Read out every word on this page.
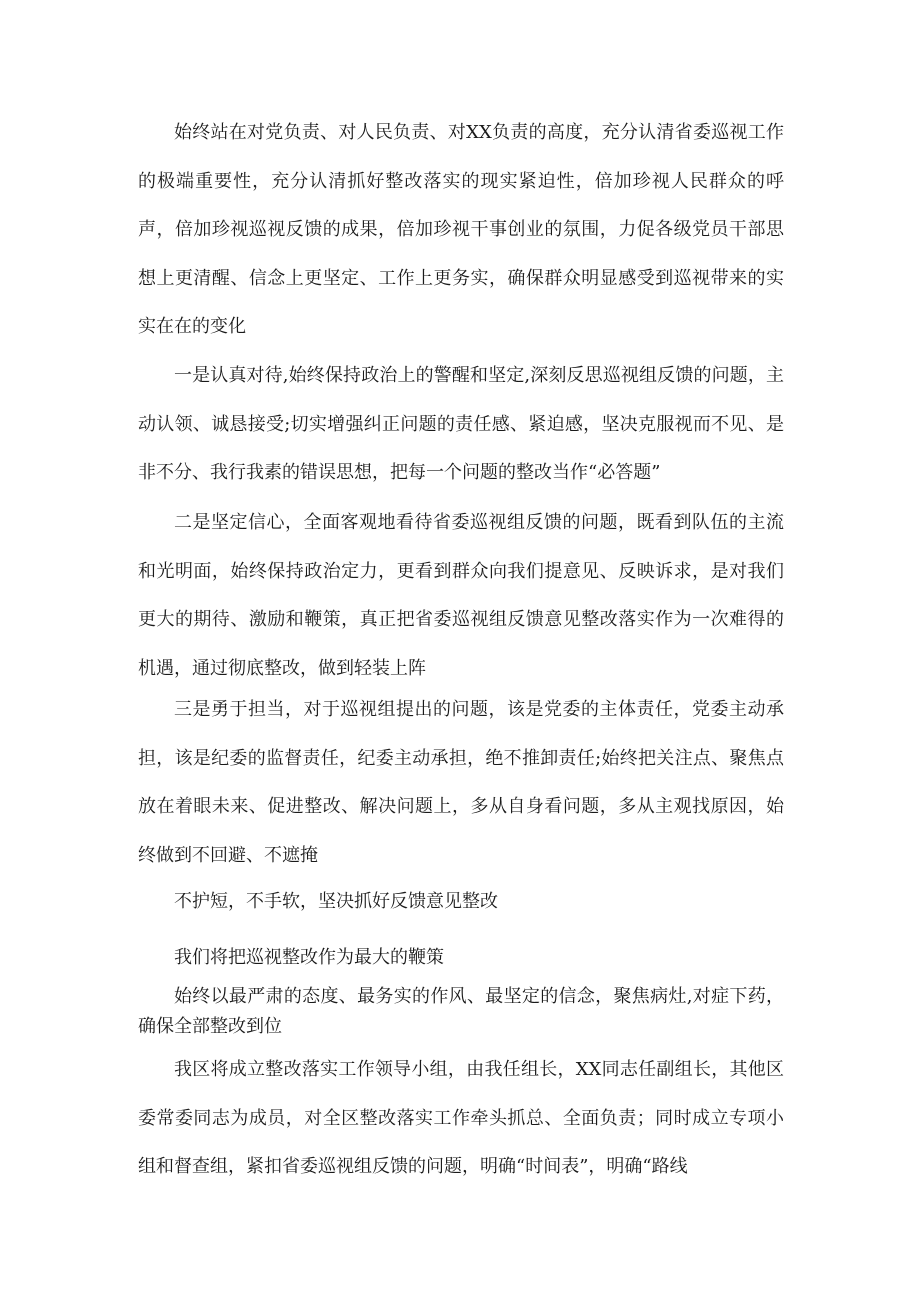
始终站在对党负责、对人民负责、对XX负责的高度，充分认清省委巡视工作的极端重要性，充分认清抓好整改落实的现实紧迫性，倍加珍视人民群众的呼声，倍加珍视巡视反馈的成果，倍加珍视干事创业的氛围，力促各级党员干部思想上更清醒、信念上更坚定、工作上更务实，确保群众明显感受到巡视带来的实实在在的变化

一是认真对待,始终保持政治上的警醒和坚定,深刻反思巡视组反馈的问题，主动认领、诚恳接受;切实增强纠正问题的责任感、紧迫感，坚决克服视而不见、是非不分、我行我素的错误思想，把每一个问题的整改当作“必答题”

二是坚定信心，全面客观地看待省委巡视组反馈的问题，既看到队伍的主流和光明面，始终保持政治定力，更看到群众向我们提意见、反映诉求，是对我们更大的期待、激励和鞭策，真正把省委巡视组反馈意见整改落实作为一次难得的机遇，通过彻底整改，做到轻装上阵

三是勇于担当，对于巡视组提出的问题，该是党委的主体责任，党委主动承担，该是纪委的监督责任，纪委主动承担，绝不推卸责任;始终把关注点、聚焦点放在着眼未来、促进整改、解决问题上，多从自身看问题，多从主观找原因，始终做到不回避、不遮掩

不护短，不手软，坚决抓好反馈意见整改

我们将把巡视整改作为最大的鞭策

始终以最严肃的态度、最务实的作风、最坚定的信念，聚焦病灶,对症下药，确保全部整改到位

我区将成立整改落实工作领导小组，由我任组长，XX同志任副组长，其他区委常委同志为成员，对全区整改落实工作牵头抓总、全面负责；同时成立专项小组和督查组，紧扣省委巡视组反馈的问题，明确“时间表”，明确“路线
